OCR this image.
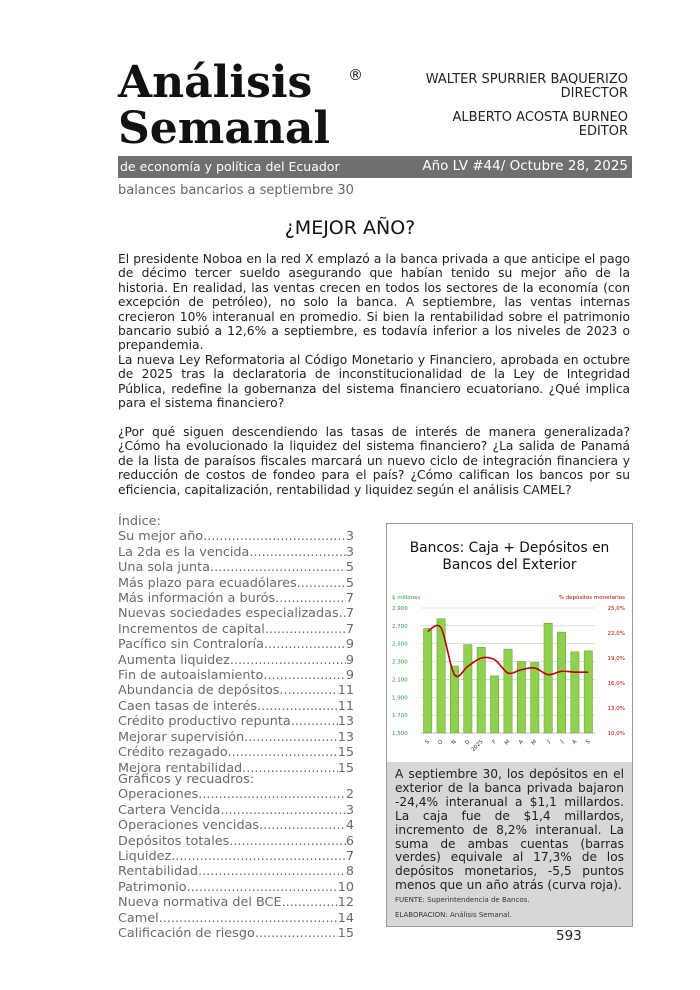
Análisis
Semanal
®	WALTER SPURRIER BAQUERIZO
DIRECTOR
ALBERTO ACOSTA BURNEO
EDITOR
de economía y política del Ecuador	Año LV #44/ Octubre 28, 2025
balances bancarios a septiembre 30
¿MEJOR AÑO?
El presidente Noboa en la red X emplazó a la banca privada a que anticipe el pago de décimo tercer sueldo asegurando que habían tenido su mejor año de la historia. En realidad, las ventas crecen en todos los sectores de la economía (con excepción de petróleo), no solo la banca. A septiembre, las ventas internas crecieron 10% interanual en promedio. Si bien la rentabilidad sobre el patrimonio bancario subió a 12,6% a septiembre, es todavía inferior a los niveles de 2023 o prepandemia.
La nueva Ley Reformatoria al Código Monetario y Financiero, aprobada en octubre de 2025 tras la declaratoria de inconstitucionalidad de la Ley de Integridad Pública, redefine la gobernanza del sistema financiero ecuatoriano. ¿Qué implica para el sistema financiero?
¿Por qué siguen descendiendo las tasas de interés de manera generalizada? ¿Cómo ha evolucionado la liquidez del sistema financiero? ¿La salida de Panamá de la lista de paraísos fiscales marcará un nuevo ciclo de integración financiera y reducción de costos de fondeo para el país? ¿Cómo califican los bancos por su eficiencia, capitalización, rentabilidad y liquidez según el análisis CAMEL?
Índice:
Su mejor año .....	3
La 2da es la vencida. .....	3
Una sola junta. .....	5
Más plazo para ecuadólares .....	5
Más información a burós. .....	7
Nuevas sociedades especializadas. ..... 7
Incrementos de capital .....	7
Pacífico sin Contraloría. .....	9
Aumenta liquidez. .....	9
Fin de autoaislamiento .....	9
Abundancia de depósitos. .....	11
Caen tasas de interés. .....	11
Crédito productivo repunta .....	13
Mejorar supervisión. .....	13
Crédito rezagado. .....	15
Mejora rentabilidad. .....	15
Gráficos y recuadros:
Operaciones .....	2
Cartera Vencida .....	3
Operaciones vencidas .....	4
Depósitos totales .....	6
Liquidez .....	7
Rentabilidad .....	8
Patrimonio .....	10
Nueva normativa del BCE .....	12
Camel .....	14
Calificación de riesgo .....	15
Bancos: Caja + Depósitos en Bancos del Exterior
$ millones	% depósitos monetarios
1.500
1.700
1.900
2.100
2.300
2.500
2.700
2.900
10,0%
13,0%
16,0%
19,0%
22,0%
25,0%
S O N D 2025 F M A M J J A S
A septiembre 30, los depósitos en el exterior de la banca privada bajaron -24,4% interanual a $1,1 millardos. La caja fue de $1,4 millardos, incremento de 8,2% interanual. La suma de ambas cuentas (barras verdes) equivale al 17,3% de los depósitos monetarios, -5,5 puntos menos que un año atrás (curva roja).
FUENTE: Superintendencia de Bancos.
ELABORACION: Análisis Semanal.
593
